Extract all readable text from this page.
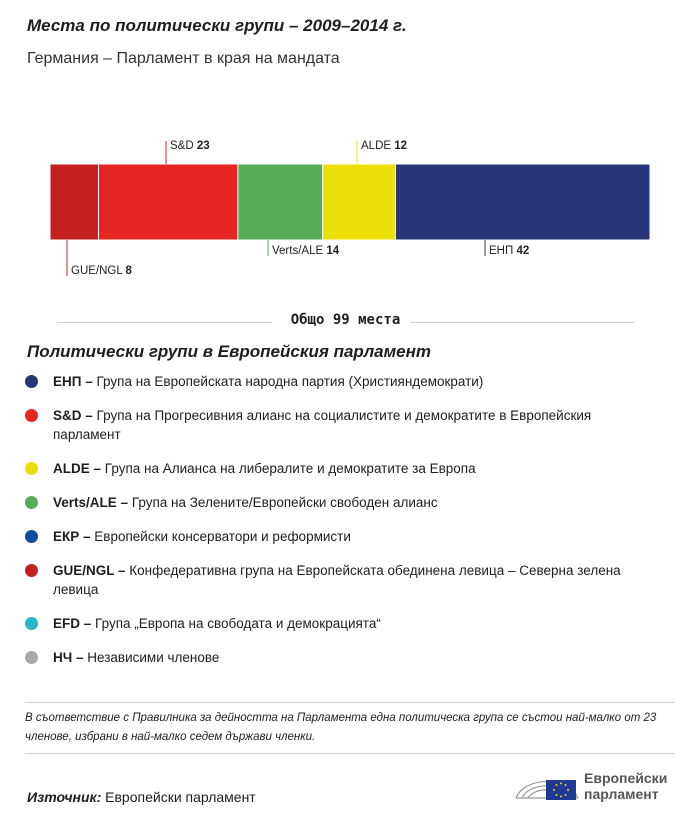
Места по политически групи – 2009–2014 г.
Германия – Парламент в края на мандата
GUE/NGL 8
S&D 23
Verts/ALE 14
ALDE 12
ЕНП 42
Общо 99 места
Политически групи в Европейския парламент
ЕНП – Група на Европейската народна партия (Християндемократи)
S&D – Група на Прогресивния алианс на социалистите и демократите в Европейския парламент
ALDE – Група на Алианса на либералите и демократите за Европа
Verts/ALE – Група на Зелените/Европейски свободен алианс
ЕКР – Европейски консерватори и реформисти
GUE/NGL – Конфедеративна група на Европейската обединена левица – Северна зелена левица
EFD – Група „Европа на свободата и демокрацията“
НЧ – Независими членове
В съответствие с Правилника за дейността на Парламента една политическа група се състои най-малко от 23 членове, избрани в най-малко седем държави членки.
Източник: Европейски парламент
Европейски
парламент
